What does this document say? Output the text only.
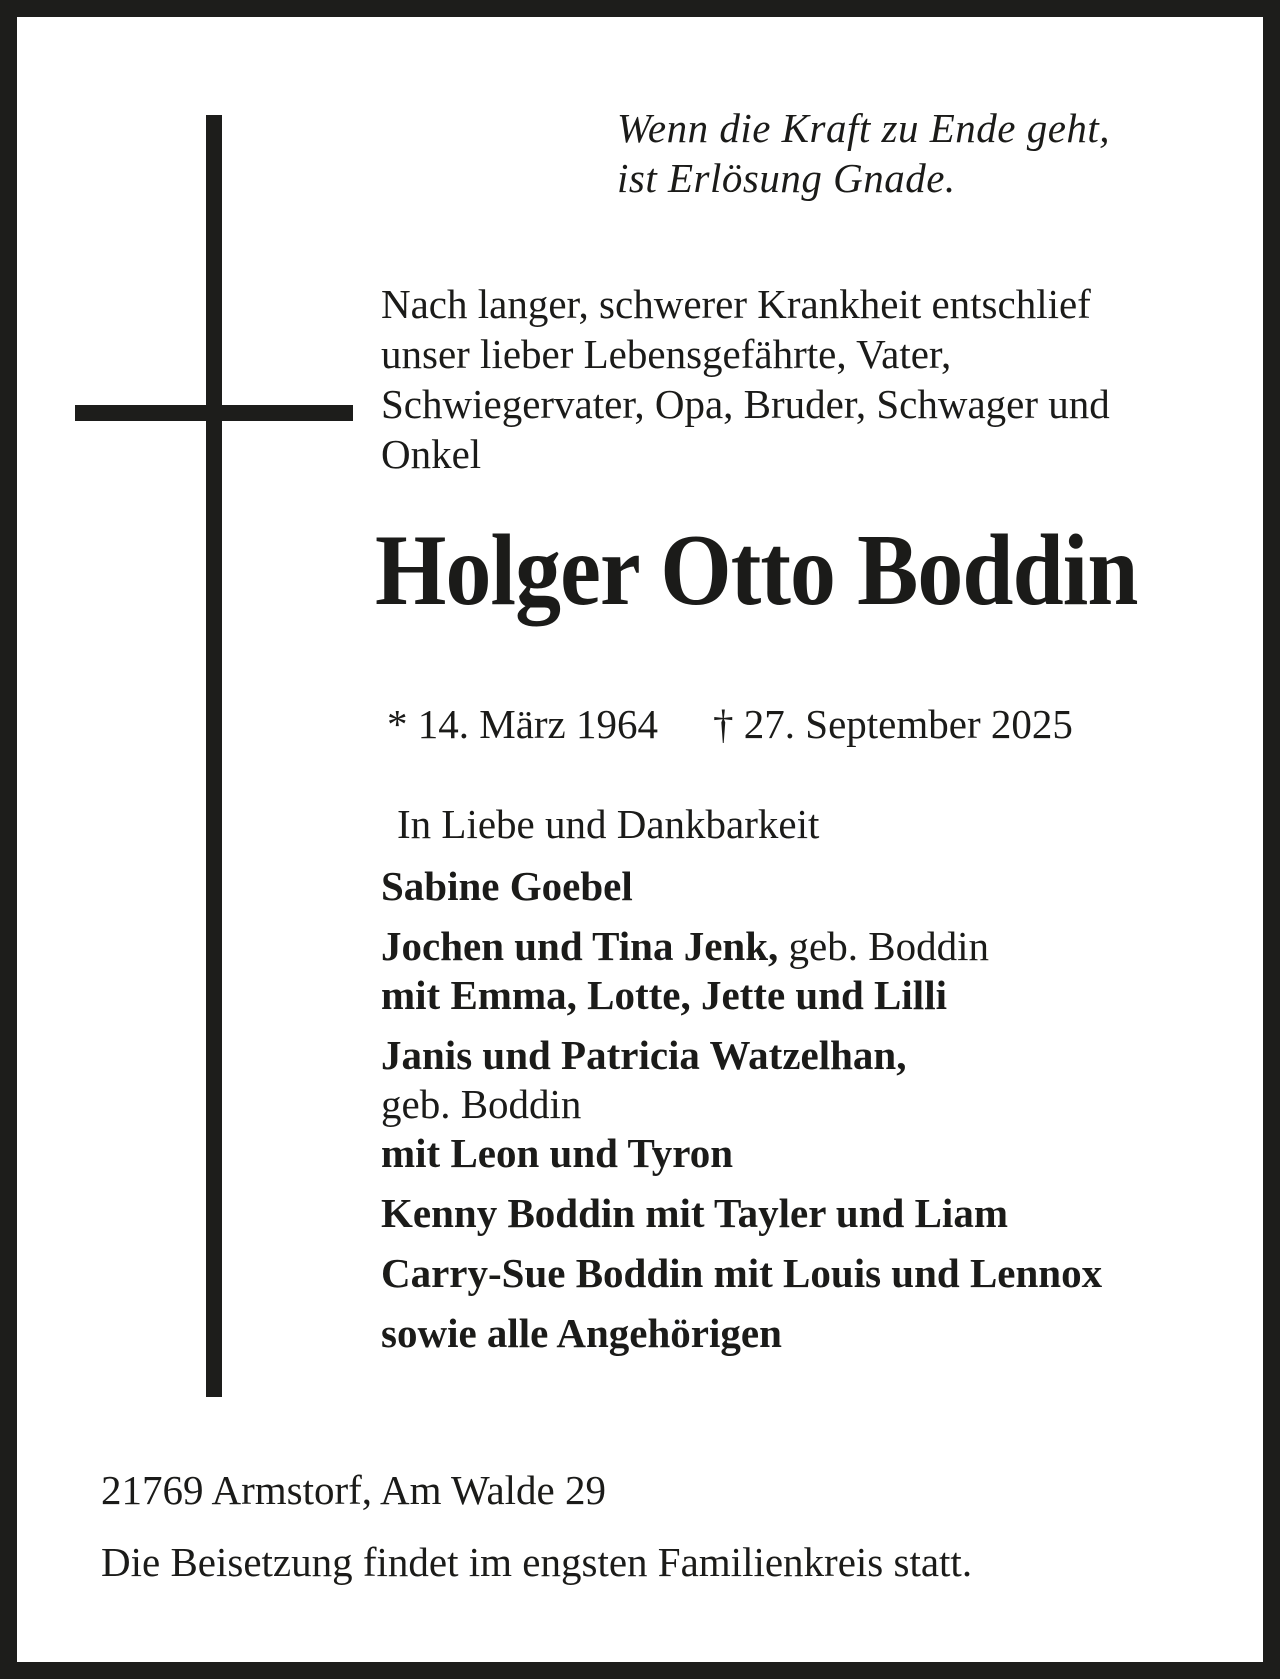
Wenn die Kraft zu Ende geht,
ist Erlösung Gnade.
Nach langer, schwerer Krankheit entschlief unser lieber Lebensgefährte, Vater, Schwiegervater, Opa, Bruder, Schwager und Onkel
Holger Otto Boddin
* 14. März 1964 † 27. September 2025
In Liebe und Dankbarkeit
Sabine Goebel
Jochen und Tina Jenk, geb. Boddin
mit Emma, Lotte, Jette und Lilli
Janis und Patricia Watzelhan,
geb. Boddin
mit Leon und Tyron
Kenny Boddin mit Tayler und Liam
Carry-Sue Boddin mit Louis und Lennox
sowie alle Angehörigen
21769 Armstorf, Am Walde 29
Die Beisetzung findet im engsten Familienkreis statt.
